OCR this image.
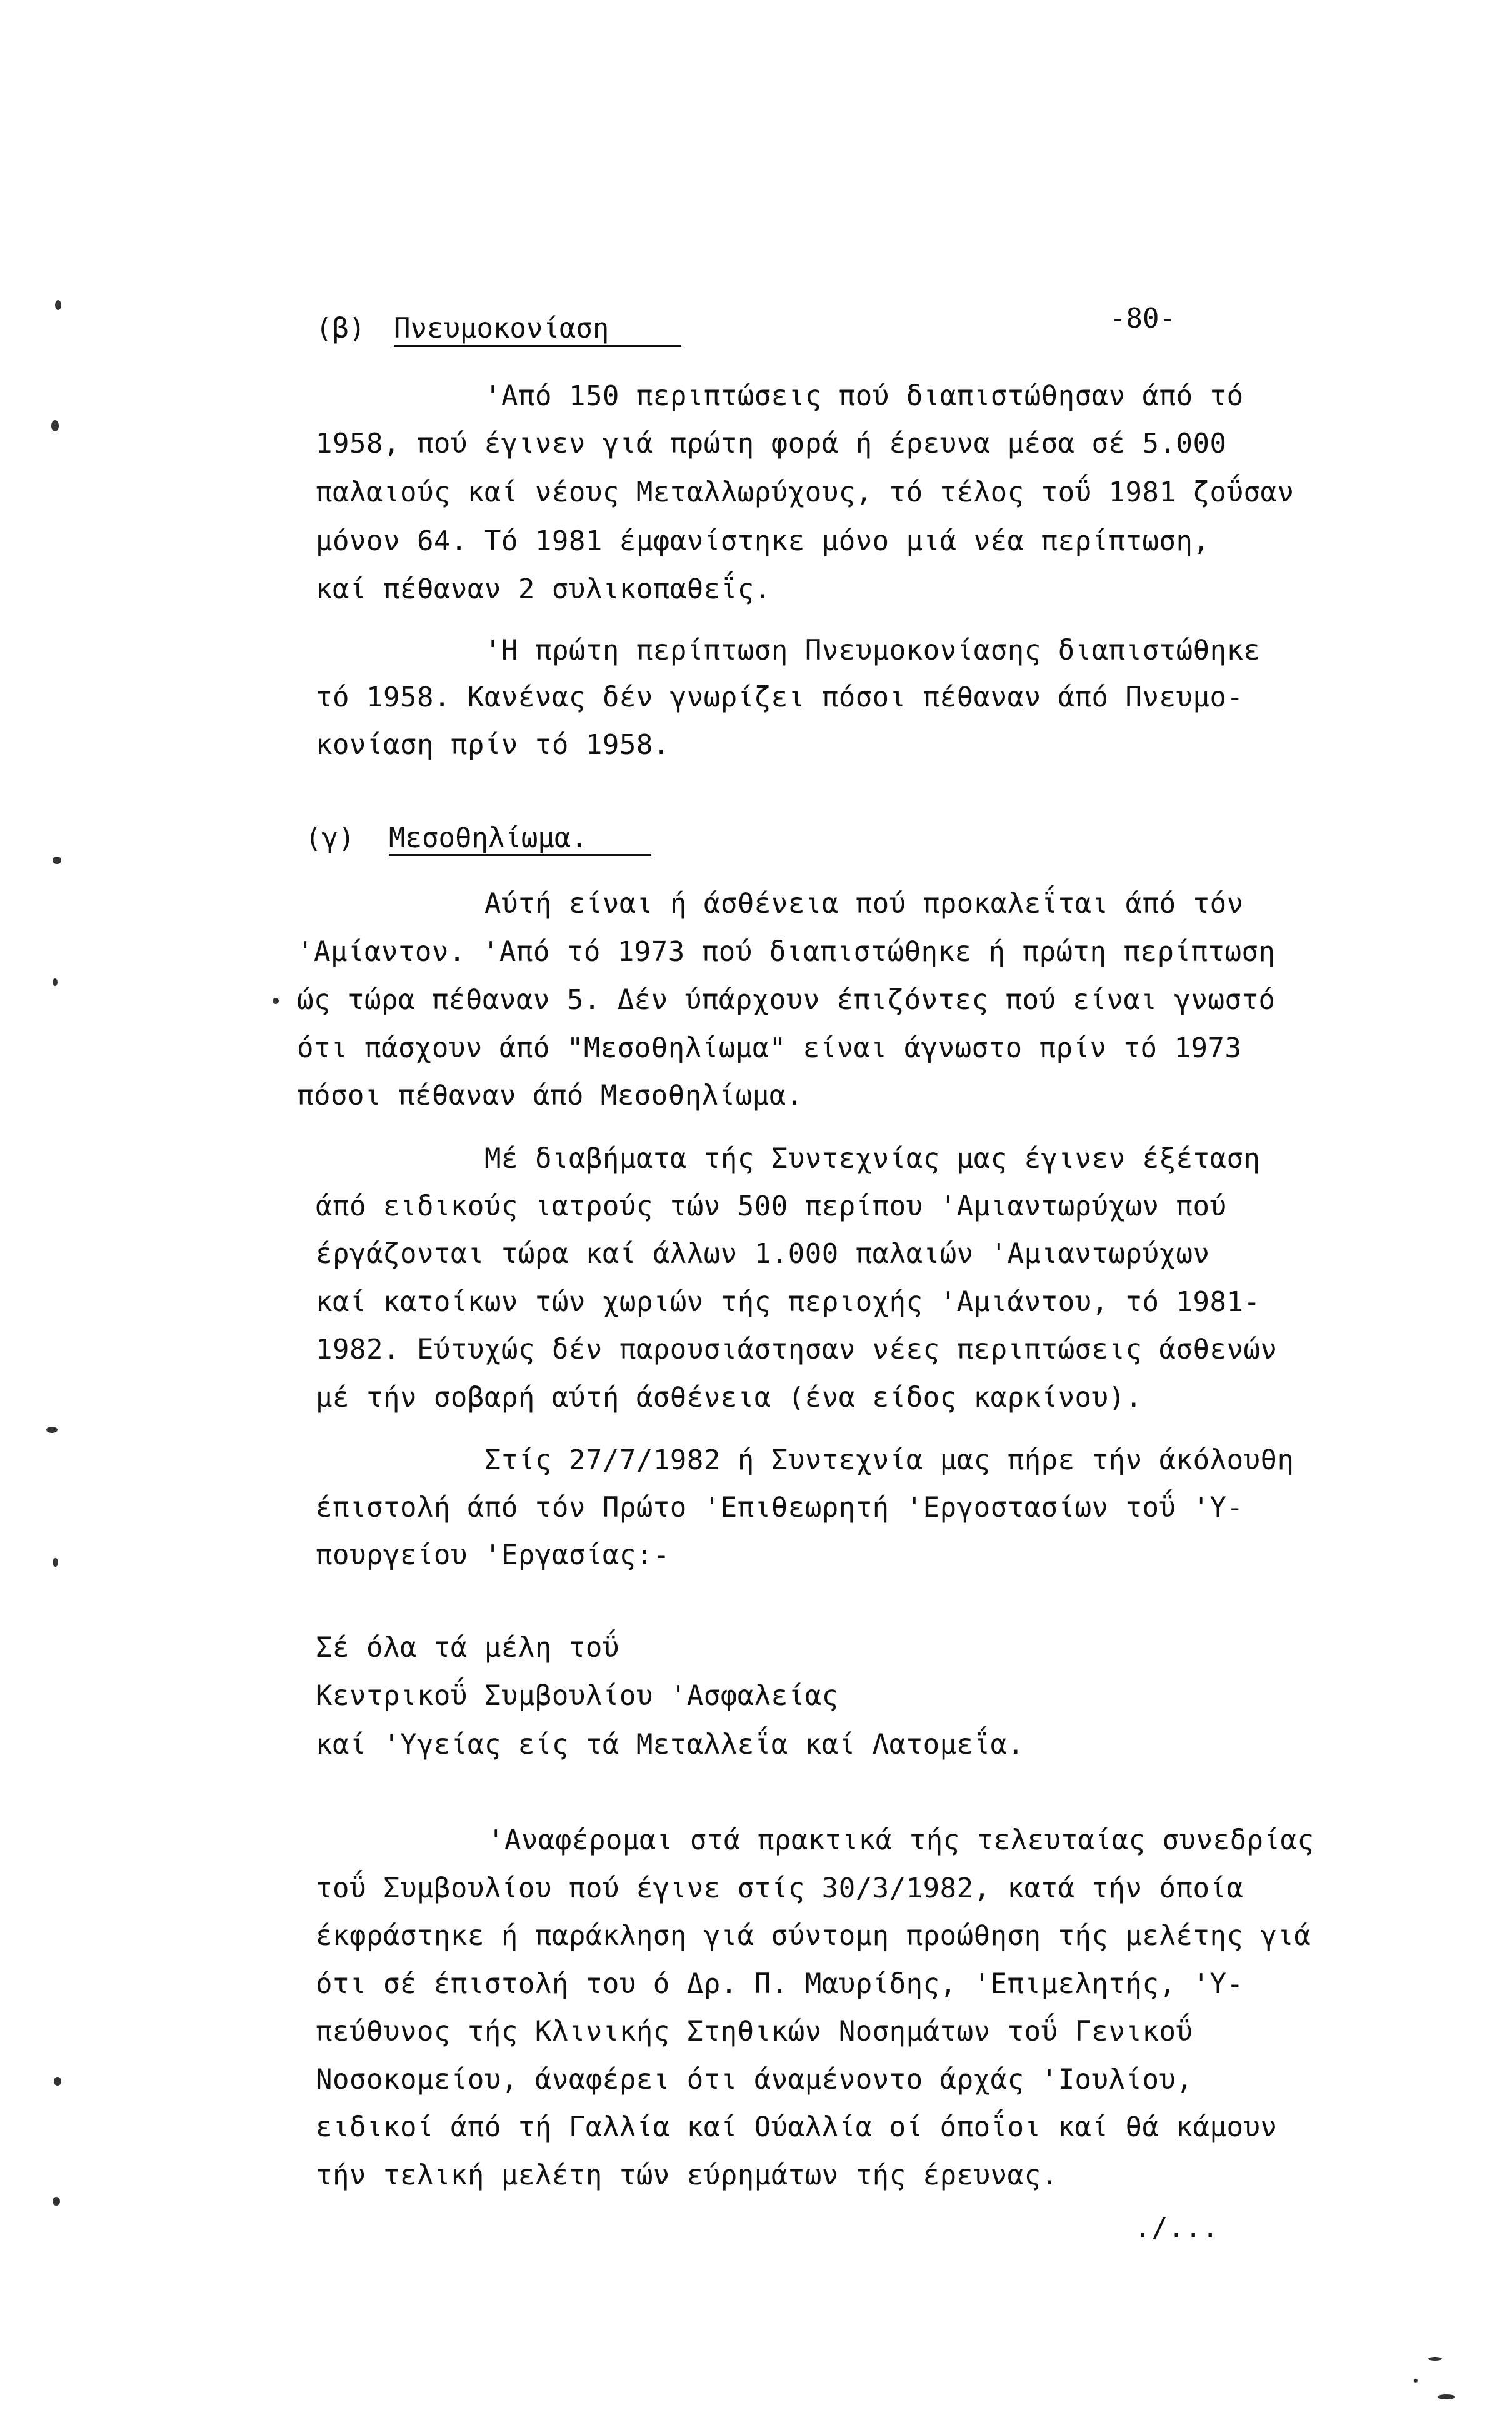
-80-
(β) Πνευμοκονίαση
'Από 150 περιπτώσεις πού διαπιστώθησαν άπό τό
1958, πού έγινεν γιά πρώτη φορά ή έρευνα μέσα σέ 5.000
παλαιούς καί νέους Μεταλλωρύχους, τό τέλος τοΰ 1981 ζοΰσαν
μόνον 64. Τό 1981 έμφανίστηκε μόνο μιά νέα περίπτωση,
καί πέθαναν 2 συλικοπαθεΐς.
'Η πρώτη περίπτωση Πνευμοκονίασης διαπιστώθηκε
τό 1958. Κανένας δέν γνωρίζει πόσοι πέθαναν άπό Πνευμο-
κονίαση πρίν τό 1958.
(γ) Μεσοθηλίωμα.
Αύτή είναι ή άσθένεια πού προκαλεΐται άπό τόν
'Αμίαντον. 'Από τό 1973 πού διαπιστώθηκε ή πρώτη περίπτωση
ώς τώρα πέθαναν 5. Δέν ύπάρχουν έπιζόντες πού είναι γνωστό
ότι πάσχουν άπό "Μεσοθηλίωμα" είναι άγνωστο πρίν τό 1973
πόσοι πέθαναν άπό Μεσοθηλίωμα.
Μέ διαβήματα τής Συντεχνίας μας έγινεν έξέταση
άπό ειδικούς ιατρούς τών 500 περίπου 'Αμιαντωρύχων πού
έργάζονται τώρα καί άλλων 1.000 παλαιών 'Αμιαντωρύχων
καί κατοίκων τών χωριών τής περιοχής 'Αμιάντου, τό 1981-
1982. Εύτυχώς δέν παρουσιάστησαν νέες περιπτώσεις άσθενών
μέ τήν σοβαρή αύτή άσθένεια (ένα είδος καρκίνου).
Στίς 27/7/1982 ή Συντεχνία μας πήρε τήν άκόλουθη
έπιστολή άπό τόν Πρώτο 'Επιθεωρητή 'Εργοστασίων τοΰ 'Υ-
πουργείου 'Εργασίας:-
Σέ όλα τά μέλη τοΰ
Κεντρικοΰ Συμβουλίου 'Ασφαλείας
καί 'Υγείας είς τά Μεταλλεΐα καί Λατομεΐα.
'Αναφέρομαι στά πρακτικά τής τελευταίας συνεδρίας
τοΰ Συμβουλίου πού έγινε στίς 30/3/1982, κατά τήν όποία
έκφράστηκε ή παράκληση γιά σύντομη προώθηση τής μελέτης γιά
ότι σέ έπιστολή του ό Δρ. Π. Μαυρίδης, 'Επιμελητής, 'Υ-
πεύθυνος τής Κλινικής Στηθικών Νοσημάτων τοΰ Γενικοΰ
Νοσοκομείου, άναφέρει ότι άναμένοντο άρχάς 'Ιουλίου,
ειδικοί άπό τή Γαλλία καί Ούαλλία οί όποΐοι καί θά κάμουν
τήν τελική μελέτη τών εύρημάτων τής έρευνας.
./...
